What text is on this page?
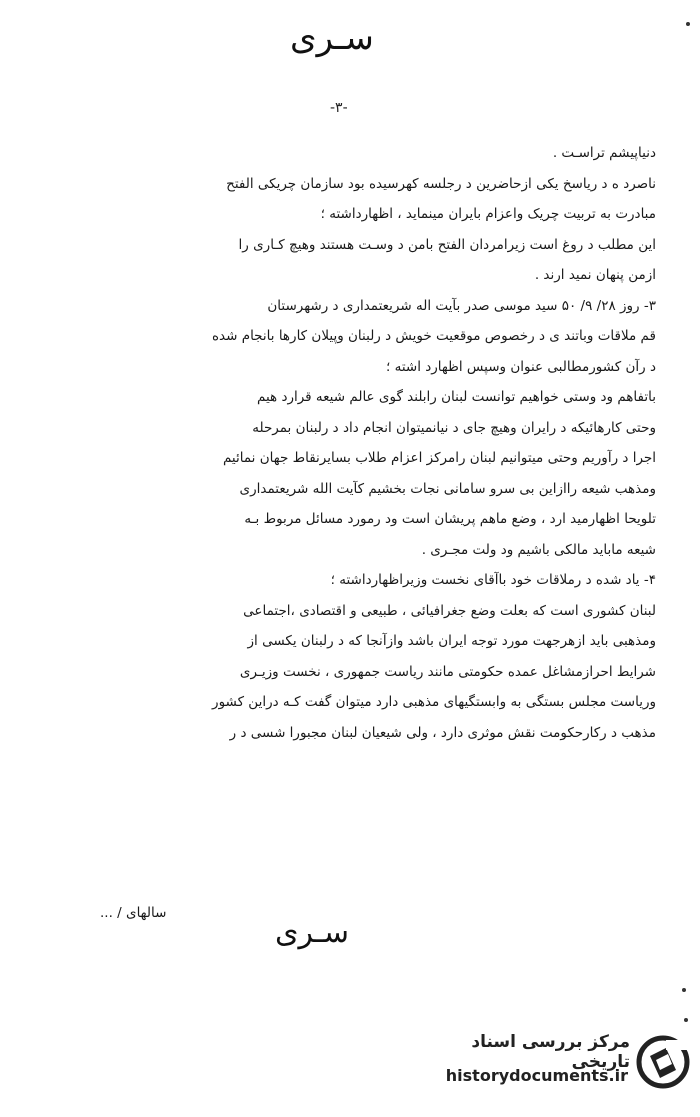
سـری
-۳-
دنیاپیشم تراسـت .
ناصرد ه د ریاسخ یکی ازحاضرین د رجلسه کهرسیده بود سازمان چریکی الفتح
مبادرت به تربیت چریک واعزام بایران مینماید ، اظهارداشته ؛
این مطلب د روغ است زیرامردان الفتح بامن د وسـت هستند وهیچ کـاری را
ازمن پنهان نمید ارند .
۳- روز ۲۸/ ۹/ ۵۰ سید موسی صدر بآیت اله شریعتمداری د رشهرستان
قم ملاقات وباتند ی د رخصوص موقعیت خویش د رلبنان وپیلان کارها بانجام شده
د رآن کشورمطالبی عنوان وسپس اظهارد اشته ؛
باتفاهم ود وستی خواهیم توانست لبنان رابلند گوی عالم شیعه قرارد هیم
وحتی کارهائیکه د رایران وهیچ جای د نیانمیتوان انجام داد د رلبنان بمرحله
اجرا د رآوریم وحتی میتوانیم لبنان رامرکز اعزام طلاب بسایرنقاط جهان نمائیم
ومذهب شیعه راازاین بی سرو سامانی نجات بخشیم کآیت الله شریعتمداری
تلویحا اظهارمید ارد ، وضع ماهم پریشان است ود رمورد مسائل مربوط بـه
شیعه ماباید مالکی باشیم ود ولت مجـری .
۴- یاد شده د رملاقات خود باآقای نخست وزیراظهارداشته ؛
لبنان کشوری است که بعلت وضع جغرافیائی ، طبیعی و اقتصادی ،اجتماعی
ومذهبی باید ازهرجهت مورد توجه ایران باشد وازآنجا که د رلبنان یکسی از
شرایط احرازمشاغل عمده حکومتی مانند ریاست جمهوری ، نخست وزیـری
وریاست مجلس بستگی به وابستگیهای مذهبی دارد میتوان گفت کـه دراین کشور
مذهب د رکارحکومت نقش موثری دارد ، ولی شیعیان لبنان مجبورا شسی د ر
سالهای / ...
سـری
مرکز بررسی اسناد تاریخی
historydocuments.ir
